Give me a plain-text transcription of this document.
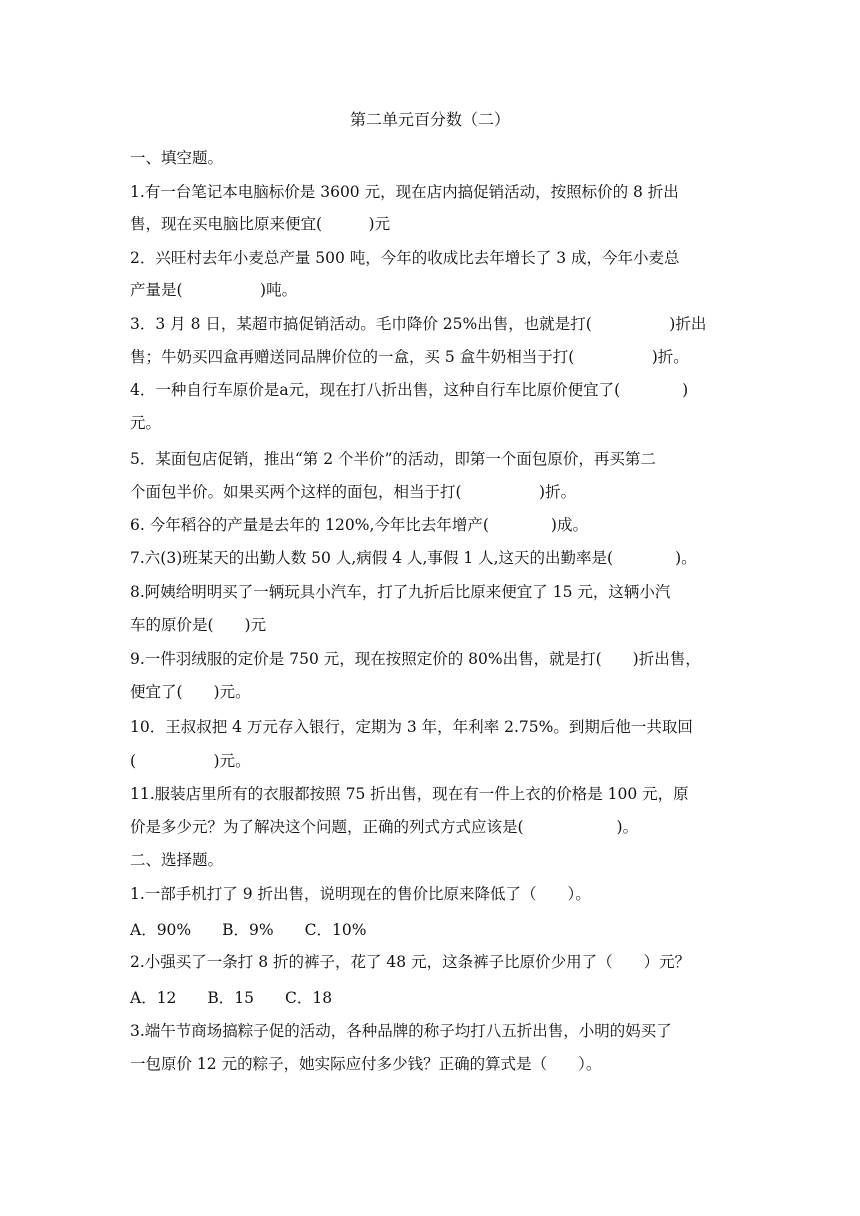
第二单元百分数（二）
一、填空题。
1.有一台笔记本电脑标价是 3600 元，现在店内搞促销活动，按照标价的 8 折出
售，现在买电脑比原来便宜(　　　)元
2．兴旺村去年小麦总产量 500 吨，今年的收成比去年增长了 3 成，今年小麦总
产量是(　　　　　)吨。
3．3 月 8 日，某超市搞促销活动。毛巾降价 25%出售，也就是打(　　　　　)折出
售；牛奶买四盒再赠送同品牌价位的一盒，买 5 盒牛奶相当于打(　　　　　)折。
4．一种自行车原价是a元，现在打八折出售，这种自行车比原价便宜了(　　　　)
元。
5．某面包店促销，推出“第 2 个半价”的活动，即第一个面包原价，再买第二
个面包半价。如果买两个这样的面包，相当于打(　　　　　)折。
6. 今年稻谷的产量是去年的 120%,今年比去年增产(　　　　)成。
7.六(3)班某天的出勤人数 50 人,病假 4 人,事假 1 人,这天的出勤率是(　　　　)。
8.阿姨给明明买了一辆玩具小汽车，打了九折后比原来便宜了 15 元，这辆小汽
车的原价是(　　)元
9.一件羽绒服的定价是 750 元，现在按照定价的 80%出售，就是打(　　)折出售，
便宜了(　　)元。
10．王叔叔把 4 万元存入银行，定期为 3 年，年利率 2.75%。到期后他一共取回
(　　　　　)元。
11.服装店里所有的衣服都按照 75 折出售，现在有一件上衣的价格是 100 元，原
价是多少元？为了解决这个问题，正确的列式方式应该是(　　　　　　)。
二、选择题。
1.一部手机打了 9 折出售，说明现在的售价比原来降低了（　　）。
A．90%　　B．9%　　C．10%
2.小强买了一条打 8 折的裤子，花了 48 元，这条裤子比原价少用了（　　）元？
A．12　　B．15　　C．18
3.端午节商场搞粽子促的活动，各种品牌的称子均打八五折出售，小明的妈买了
一包原价 12 元的粽子，她实际应付多少钱？正确的算式是（　　）。
